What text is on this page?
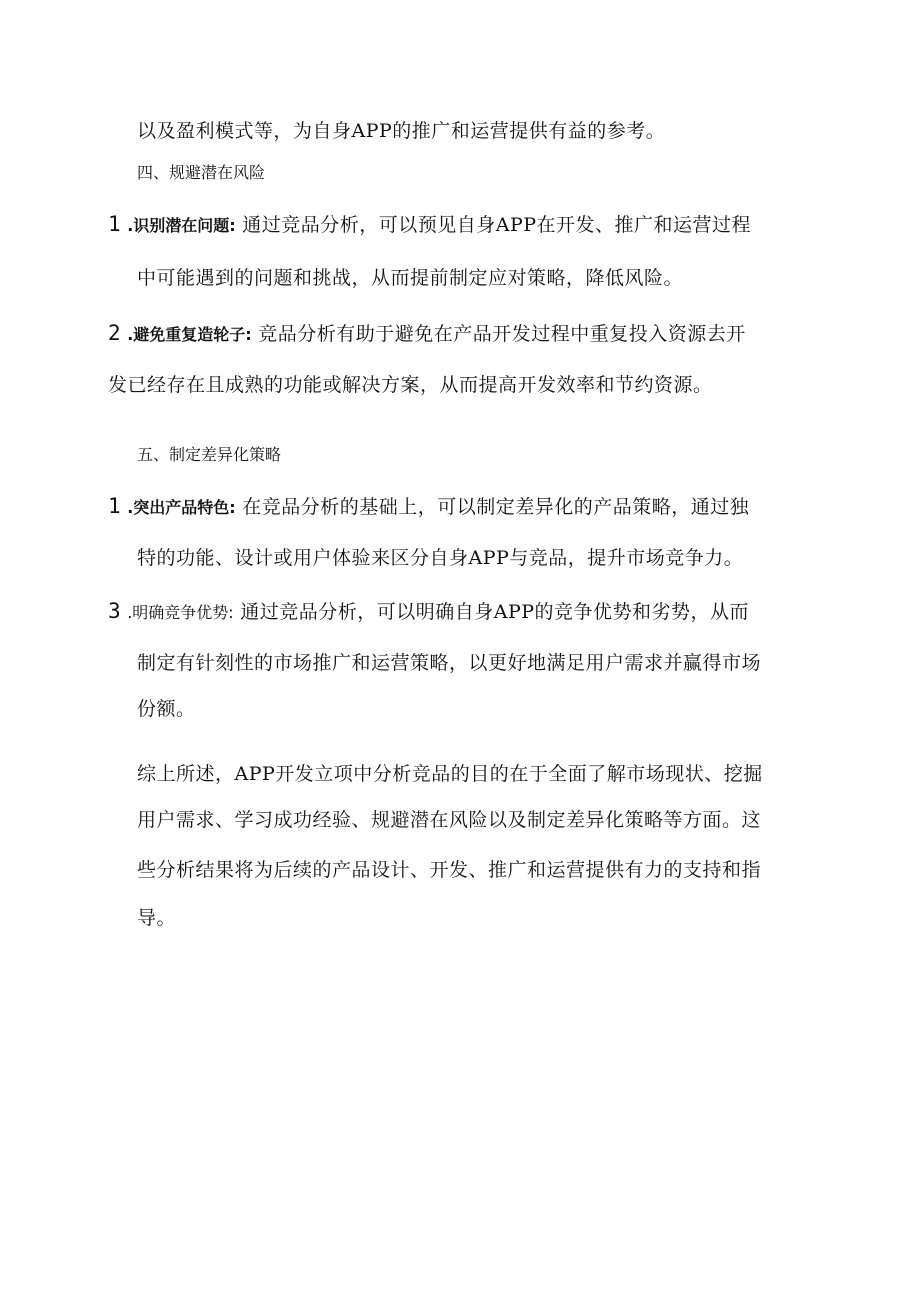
以及盈利模式等，为自身APP的推广和运营提供有益的参考。
四、规避潜在风险
1 .识别潜在问题: 通过竞品分析，可以预见自身APP在开发、推广和运营过程
中可能遇到的问题和挑战，从而提前制定应对策略，降低风险。
2 .避免重复造轮子: 竞品分析有助于避免在产品开发过程中重复投入资源去开
发已经存在且成熟的功能或解决方案，从而提高开发效率和节约资源。
五、制定差异化策略
1 .突出产品特色: 在竞品分析的基础上，可以制定差异化的产品策略，通过独
特的功能、设计或用户体验来区分自身APP与竞品，提升市场竞争力。
3 .明确竞争优势: 通过竞品分析，可以明确自身APP的竞争优势和劣势，从而
制定有针刻性的市场推广和运营策略，以更好地满足用户需求并赢得市场
份额。
综上所述，APP开发立项中分析竞品的目的在于全面了解市场现状、挖掘
用户需求、学习成功经验、规避潜在风险以及制定差异化策略等方面。这
些分析结果将为后续的产品设计、开发、推广和运营提供有力的支持和指
导。
